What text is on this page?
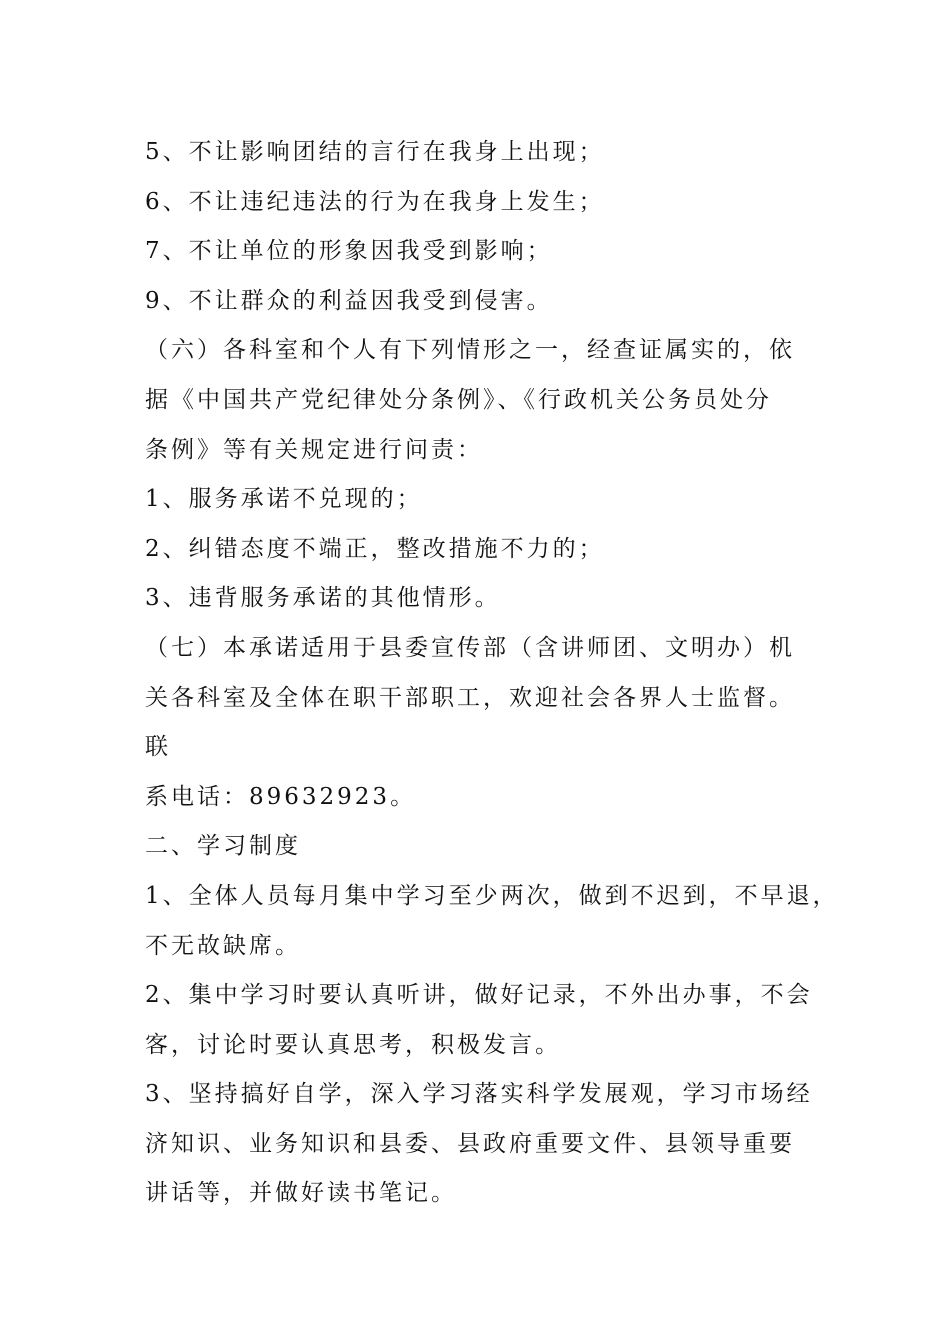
5、不让影响团结的言行在我身上出现；
6、不让违纪违法的行为在我身上发生；
7、不让单位的形象因我受到影响；
9、不让群众的利益因我受到侵害。
（六）各科室和个人有下列情形之一，经查证属实的，依
据《中国共产党纪律处分条例》、《行政机关公务员处分
条例》等有关规定进行问责：
1、服务承诺不兑现的；
2、纠错态度不端正，整改措施不力的；
3、违背服务承诺的其他情形。
（七）本承诺适用于县委宣传部（含讲师团、文明办）机
关各科室及全体在职干部职工，欢迎社会各界人士监督。
联
系电话：89632923。
二、学习制度
1、全体人员每月集中学习至少两次，做到不迟到，不早退，
不无故缺席。
2、集中学习时要认真听讲，做好记录，不外出办事，不会
客，讨论时要认真思考，积极发言。
3、坚持搞好自学，深入学习落实科学发展观，学习市场经
济知识、业务知识和县委、县政府重要文件、县领导重要
讲话等，并做好读书笔记。
